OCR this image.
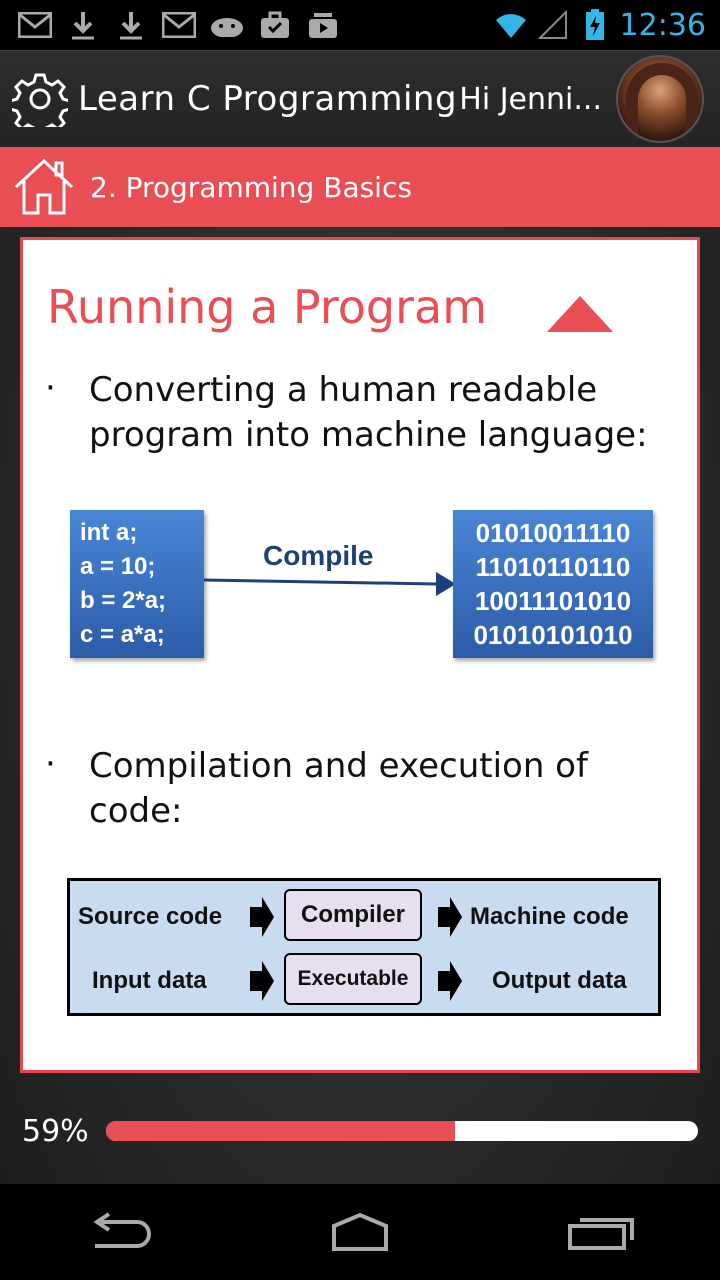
12:36
Learn C Programming Hi Jenni...
2. Programming Basics
Running a Program
· Converting a human readable program into machine language:
int a;
a = 10;
b = 2*a;
c = a*a;
Compile
01010011110
11010110110
10011101010
01010101010
· Compilation and execution of code:
Source code	Compiler	Machine code
Input data	Executable	Output data
59%
